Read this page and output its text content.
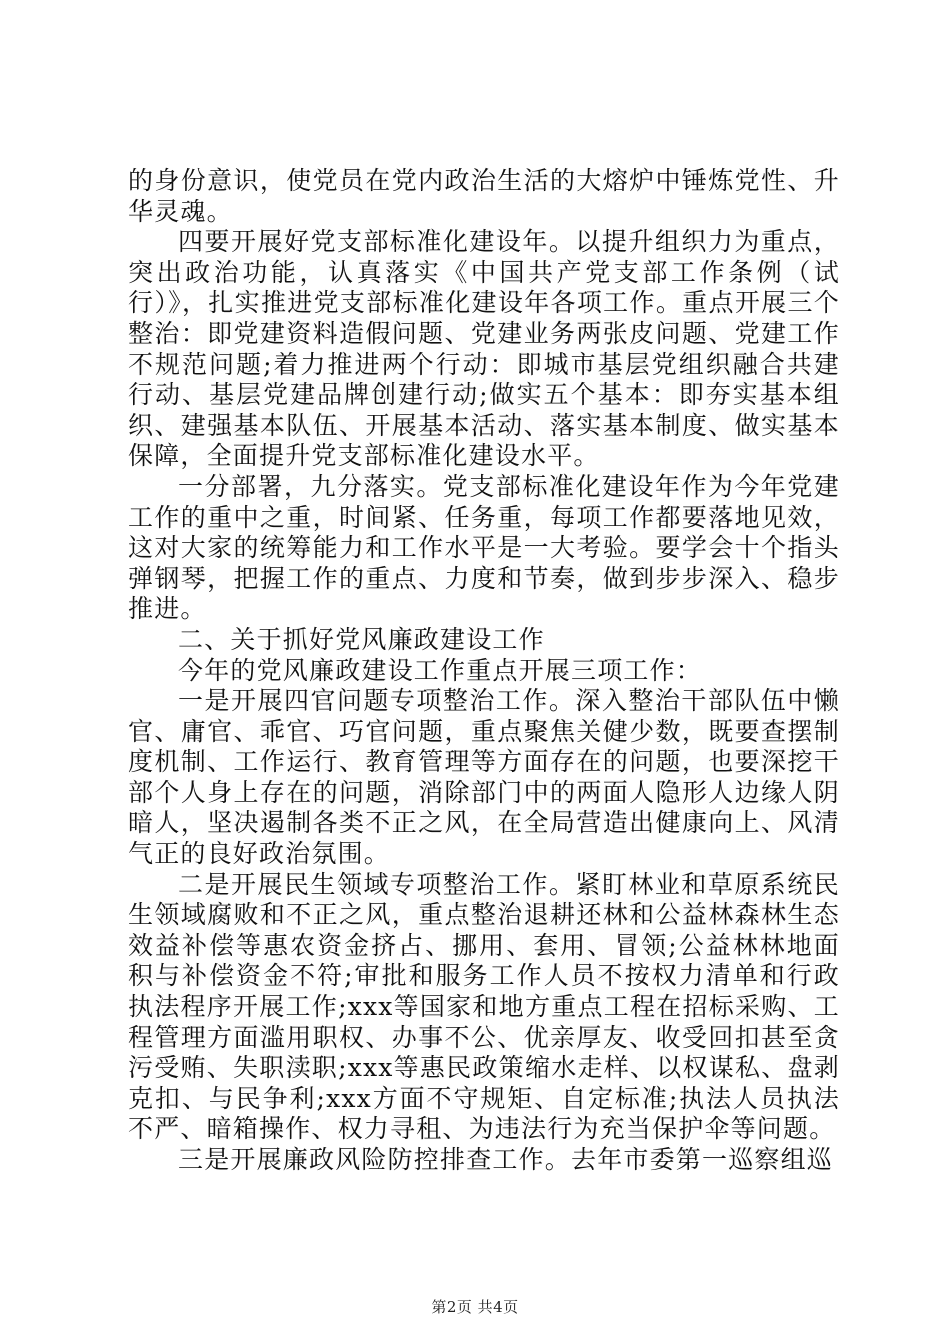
的身份意识，使党员在党内政治生活的大熔炉中锤炼党性、升华灵魂。

四要开展好党支部标准化建设年。以提升组织力为重点，突出政治功能，认真落实《中国共产党支部工作条例（试行）》，扎实推进党支部标准化建设年各项工作。重点开展三个整治：即党建资料造假问题、党建业务两张皮问题、党建工作不规范问题;着力推进两个行动：即城市基层党组织融合共建行动、基层党建品牌创建行动;做实五个基本：即夯实基本组织、建强基本队伍、开展基本活动、落实基本制度、做实基本保障，全面提升党支部标准化建设水平。

一分部署，九分落实。党支部标准化建设年作为今年党建工作的重中之重，时间紧、任务重，每项工作都要落地见效，这对大家的统筹能力和工作水平是一大考验。要学会十个指头弹钢琴，把握工作的重点、力度和节奏，做到步步深入、稳步推进。

二、关于抓好党风廉政建设工作

今年的党风廉政建设工作重点开展三项工作：

一是开展四官问题专项整治工作。深入整治干部队伍中懒官、庸官、乖官、巧官问题，重点聚焦关健少数，既要查摆制度机制、工作运行、教育管理等方面存在的问题，也要深挖干部个人身上存在的问题，消除部门中的两面人隐形人边缘人阴暗人，坚决遏制各类不正之风，在全局营造出健康向上、风清气正的良好政治氛围。

二是开展民生领域专项整治工作。紧盯林业和草原系统民生领域腐败和不正之风，重点整治退耕还林和公益林森林生态效益补偿等惠农资金挤占、挪用、套用、冒领;公益林林地面积与补偿资金不符;审批和服务工作人员不按权力清单和行政执法程序开展工作;xxx等国家和地方重点工程在招标采购、工程管理方面滥用职权、办事不公、优亲厚友、收受回扣甚至贪污受贿、失职渎职;xxx等惠民政策缩水走样、以权谋私、盘剥克扣、与民争利;xxx方面不守规矩、自定标准;执法人员执法不严、暗箱操作、权力寻租、为违法行为充当保护伞等问题。

三是开展廉政风险防控排查工作。去年市委第一巡察组巡

第2页 共4页
